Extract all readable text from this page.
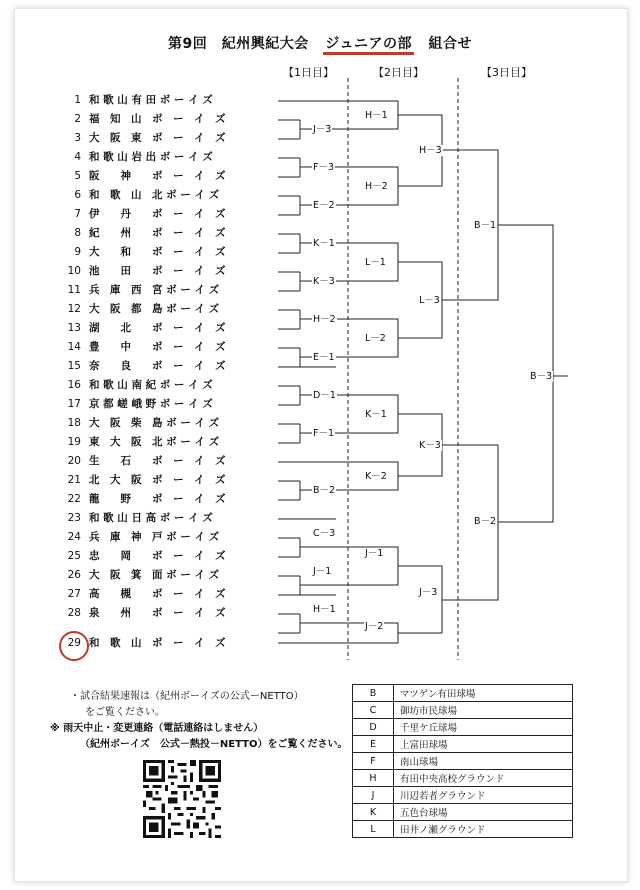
第9回　紀州興紀大会　ジュニアの部　組合せ
【1日目】	【2日目】	【3日目】
1 和 歌 山 有 田 ボ ー イ ズ
2 福　知　山　ボ　ー　イ　ズ
3 大　阪　東　ボ　ー　イ　ズ
4 和 歌 山 岩 出 ボ ー イ ズ
5 阪　　神　　ボ　ー　イ　ズ
6 和　歌　山　北 ボ ー イ ズ
7 伊　　丹　　ボ　ー　イ　ズ
8 紀　　州　　ボ　ー　イ　ズ
9 大　　和　　ボ　ー　イ　ズ
10 池　　田　　ボ　ー　イ　ズ
11 兵　庫　西　宮 ボ ー イ ズ
12 大　阪　都　島 ボ ー イ ズ
13 湖　　北　　ボ　ー　イ　ズ
14 豊　　中　　ボ　ー　イ　ズ
15 奈　　良　　ボ　ー　イ　ズ
16 和 歌 山 南 紀 ボ ー イ ズ
17 京 都 嵯 峨 野 ボ ー イ ズ
18 大　阪　柴　島 ボ ー イ ズ
19 東　大　阪　北 ボ ー イ ズ
20 生　　石　　ボ　ー　イ　ズ
21 北　大　阪　ボ　ー　イ　ズ
22 龍　　野　　ボ　ー　イ　ズ
23 和 歌 山 日 高 ボ ー イ ズ
24 兵　庫　神　戸 ボ ー イ ズ
25 忠　　岡　　ボ　ー　イ　ズ
26 大　阪　箕　面 ボ ー イ ズ
27 高　　槻　　ボ　ー　イ　ズ
28 泉　　州　　ボ　ー　イ　ズ
29 和　歌　山　ボ　ー　イ　ズ
J－3
F－3
E－2
K－1
K－3
H－2
E－1
D－1
F－1
B－2
C－3
J－1
H－1
H－1
H－2
L－1
L－2
K－1
K－2
J－1
J－2
H－3
L－3
K－3
J－3
B－1
B－2
B－3
・試合結果速報は（紀州ボーイズの公式ーNETTO）
をご覧ください。
※ 雨天中止・変更連絡（電話連絡はしません）
（紀州ボーイズ　公式－熱投－NETTO）をご覧ください。
B	マツゲン有田球場
C	御坊市民球場
D	千里ケ丘球場
E	上富田球場
F	南山球場
H	有田中央高校グラウンド
J	川辺若者グラウンド
K	五色台球場
L	田井ノ瀬グラウンド
